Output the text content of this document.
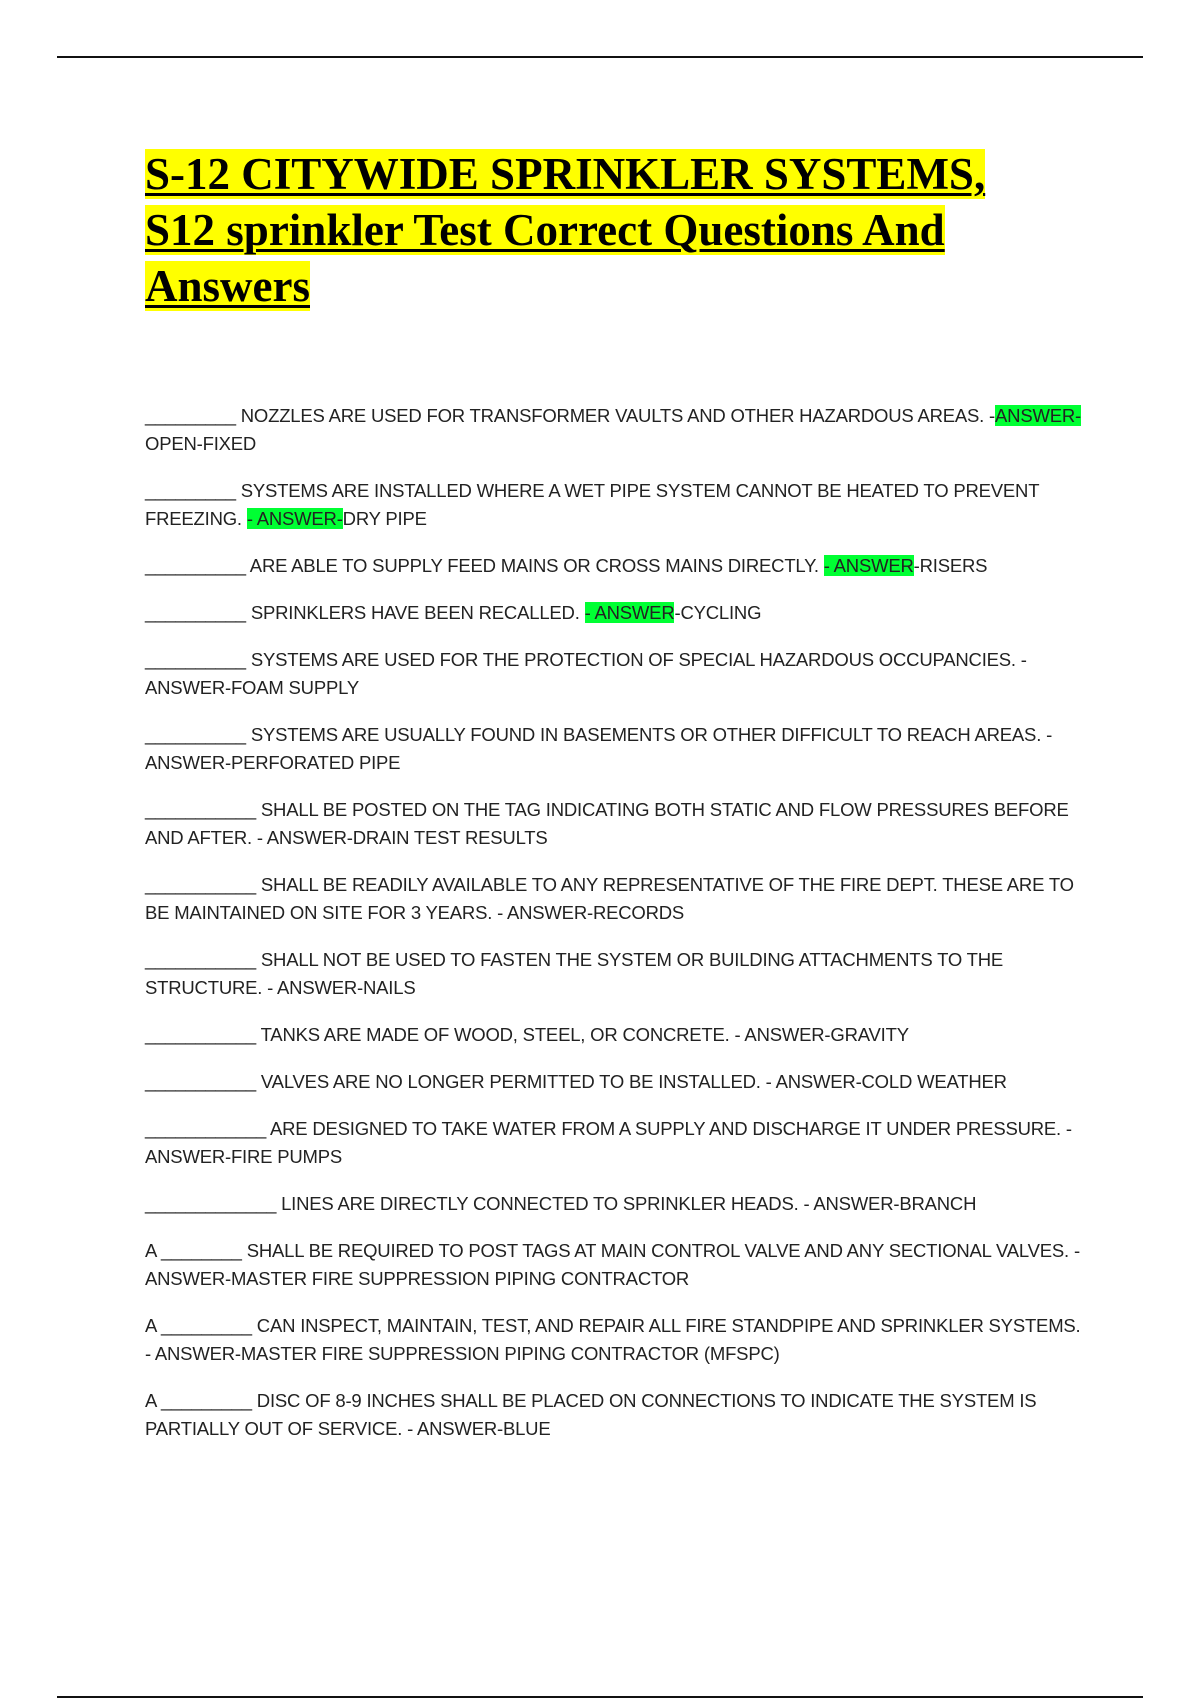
S-12 CITYWIDE SPRINKLER SYSTEMS,
S12 sprinkler Test Correct Questions And
Answers
_________ NOZZLES ARE USED FOR TRANSFORMER VAULTS AND OTHER HAZARDOUS AREAS. -ANSWER-OPEN-FIXED
_________ SYSTEMS ARE INSTALLED WHERE A WET PIPE SYSTEM CANNOT BE HEATED TO PREVENT FREEZING. - ANSWER-DRY PIPE
__________ ARE ABLE TO SUPPLY FEED MAINS OR CROSS MAINS DIRECTLY. - ANSWER-RISERS
__________ SPRINKLERS HAVE BEEN RECALLED. - ANSWER-CYCLING
__________ SYSTEMS ARE USED FOR THE PROTECTION OF SPECIAL HAZARDOUS OCCUPANCIES. - ANSWER-FOAM SUPPLY
__________ SYSTEMS ARE USUALLY FOUND IN BASEMENTS OR OTHER DIFFICULT TO REACH AREAS. - ANSWER-PERFORATED PIPE
___________ SHALL BE POSTED ON THE TAG INDICATING BOTH STATIC AND FLOW PRESSURES BEFORE AND AFTER. - ANSWER-DRAIN TEST RESULTS
___________ SHALL BE READILY AVAILABLE TO ANY REPRESENTATIVE OF THE FIRE DEPT. THESE ARE TO BE MAINTAINED ON SITE FOR 3 YEARS. - ANSWER-RECORDS
___________ SHALL NOT BE USED TO FASTEN THE SYSTEM OR BUILDING ATTACHMENTS TO THE STRUCTURE. - ANSWER-NAILS
___________ TANKS ARE MADE OF WOOD, STEEL, OR CONCRETE. - ANSWER-GRAVITY
___________ VALVES ARE NO LONGER PERMITTED TO BE INSTALLED. - ANSWER-COLD WEATHER
____________ ARE DESIGNED TO TAKE WATER FROM A SUPPLY AND DISCHARGE IT UNDER PRESSURE. - ANSWER-FIRE PUMPS
_____________ LINES ARE DIRECTLY CONNECTED TO SPRINKLER HEADS. - ANSWER-BRANCH
A ________ SHALL BE REQUIRED TO POST TAGS AT MAIN CONTROL VALVE AND ANY SECTIONAL VALVES. - ANSWER-MASTER FIRE SUPPRESSION PIPING CONTRACTOR
A _________ CAN INSPECT, MAINTAIN, TEST, AND REPAIR ALL FIRE STANDPIPE AND SPRINKLER SYSTEMS. - ANSWER-MASTER FIRE SUPPRESSION PIPING CONTRACTOR (MFSPC)
A _________ DISC OF 8-9 INCHES SHALL BE PLACED ON CONNECTIONS TO INDICATE THE SYSTEM IS PARTIALLY OUT OF SERVICE. - ANSWER-BLUE
